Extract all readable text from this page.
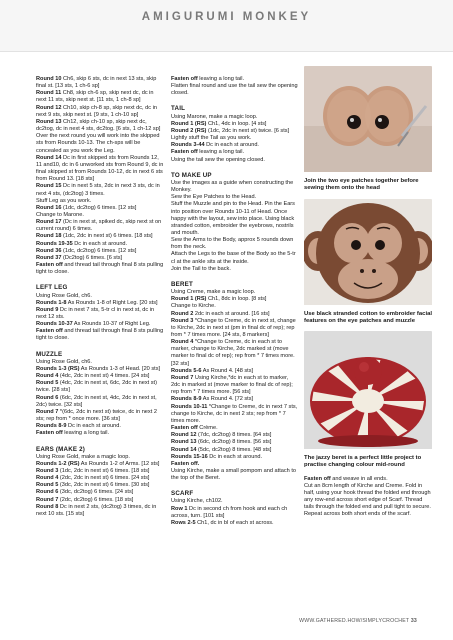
AMIGURUMI MONKEY
Round 10 Ch6, skip 6 sts, dc in next 13 sts, skip final st. [13 sts, 1 ch-6 sp]
Round 11 Ch8, skip ch-6 sp, skip next dc, dc in next 11 sts, skip next st. [11 sts, 1 ch-8 sp]
Round 12 Ch10, skip ch-8 sp, skip next dc, dc in next 9 sts, skip next st. [9 sts, 1 ch-10 sp]
Round 13 Ch12, skip ch-10 sp, skip next dc, dc2tog, dc in next 4 sts, dc2tog. [6 sts, 1 ch-12 sp]
Over the next round you will work into the skipped sts from Rounds 10-13. The ch-sps will be concealed as you work the Leg.
Round 14 Dc in first skipped sts from Rounds 12, 11 and10, dc in 6 unworked sts from Round 9, dc in final skipped st from Rounds 10-12, dc in next 6 sts from Round 13. [18 sts]
Round 15 Dc in next 5 sts, 2dc in next 3 sts, dc in next 4 sts, (dc2tog) 3 times.
Stuff Leg as you work.
Round 16 (1dc, dc2tog) 6 times. [12 sts]
Change to Marone.
Round 17 (Dc in next st, spiked dc, skip next st on current round) 6 times.
Round 18 (1dc, 2dc in next st) 6 times. [18 sts]
Rounds 19-35 Dc in each st around.
Round 36 (1dc, dc2tog) 6 times. [12 sts]
Round 37 (Dc2tog) 6 times. [6 sts]
Fasten off and thread tail through final 8 sts pulling tight to close.
LEFT LEG
Using Rose Gold, ch6.
Rounds 1-8 As Rounds 1-8 of Right Leg. [20 sts]
Round 9 Dc in next 7 sts, 5-tr cl in next st, dc in next 12 sts.
Rounds 10-37 As Rounds 10-37 of Right Leg.
Fasten off and thread tail through final 8 sts pulling tight to close.
MUZZLE
Using Rose Gold, ch6.
Rounds 1-3 (RS) As Rounds 1-3 of Head. [20 sts]
Round 4 (4dc, 2dc in next st) 4 times. [24 sts]
Round 5 (4dc, 2dc in next st, 6dc, 2dc in next st) twice. [28 sts]
Round 6 (6dc, 2dc in next st, 4dc, 2dc in next st, 2dc) twice. [32 sts]
Round 7 *(6dc, 2dc in next st) twice, dc in next 2 sts; rep from * once more. [36 sts]
Rounds 8-9 Dc in each st around.
Fasten off leaving a long tail.
EARS (MAKE 2)
Using Rose Gold, make a magic loop.
Rounds 1-2 (RS) As Rounds 1-2 of Arms. [12 sts]
Round 3 (1dc, 2dc in next st) 6 times. [18 sts]
Round 4 (2dc, 2dc in next st) 6 times. [24 sts]
Round 5 (3dc, 2dc in next st) 6 times. [30 sts]
Round 6 (3dc, dc2tog) 6 times. [24 sts]
Round 7 (2dc, dc2tog) 6 times. [18 sts]
Round 8 Dc in next 2 sts, (dc2tog) 3 times, dc in next 10 sts. [15 sts]
Fasten off leaving a long tail.
Flatten final round and use the tail sew the opening closed.
TAIL
Using Marone, make a magic loop.
Round 1 (RS) Ch1, 4dc in loop. [4 sts]
Round 2 (RS) (1dc, 2dc in next st) twice. [6 sts]
Lightly stuff the Tail as you work.
Rounds 3-44 Dc in each st around.
Fasten off leaving a long tail.
Using the tail sew the opening closed.
TO MAKE UP
Use the images as a guide when constructing the Monkey.
Sew the Eye Patches to the Head.
Stuff the Muzzle and pin to the Head. Pin the Ears into position over Rounds 10-11 of Head. Once happy with the layout, sew into place. Using black stranded cotton, embroider the eyebrows, nostrils and mouth.
Sew the Arms to the Body, approx 5 rounds down from the neck.
Attach the Legs to the base of the Body so the 5-tr cl at the ankle sits at the inside.
Join the Tail to the back.
BERET
Using Creme, make a magic loop.
Round 1 (RS) Ch1, 8dc in loop. [8 sts]
Change to Kirche.
Round 2 2dc in each st around. [16 sts]
Round 3 *Change to Creme, dc in next st, change to Kirche, 2dc in next st (pm in final dc of rep); rep from * 7 times more. [24 sts, 8 markers]
Round 4 *Change to Creme, dc in each st to marker, change to Kirche, 2dc marked st (move marker to final dc of rep); rep from * 7 times more. [32 sts]
Rounds 5-6 As Round 4. [48 sts]
Round 7 Using Kirche,*dc in each st to marker, 2dc in marked st (move marker to final dc of rep); rep from * 7 times more. [56 sts]
Rounds 8-9 As Round 4. [72 sts]
Rounds 10-11 *Change to Creme, dc in next 7 sts, change to Kirche, dc in next 2 sts; rep from * 7 times more.
Fasten off Crème.
Round 12 (7dc, dc2tog) 8 times. [64 sts]
Round 13 (6dc, dc2tog) 8 times. [56 sts]
Round 14 (5dc, dc2tog) 8 times. [48 sts]
Rounds 15-16 Dc in each st around.
Fasten off.
Using Kirche, make a small pompom and attach to the top of the Beret.
SCARF
Using Kirche, ch102.
Row 1 Dc in second ch from hook and each ch across, turn. [101 sts]
Rows 2-5 Ch1, dc in bl of each st across.
Join the two eye patches together before sewing them onto the head
Use black stranded cotton to embroider facial features on the eye patches and muzzle
The jazzy beret is a perfect little project to practise changing colour mid-round
Fasten off and weave in all ends.
Cut an 8cm length of Kirche and Creme. Fold in half, using your hook thread the folded end through any row-end across short edge of Scarf. Thread tails through the folded end and pull tight to secure. Repeat across both short ends of the scarf.
WWW.GATHERED.HOW/SIMPLYCROCHET 33
